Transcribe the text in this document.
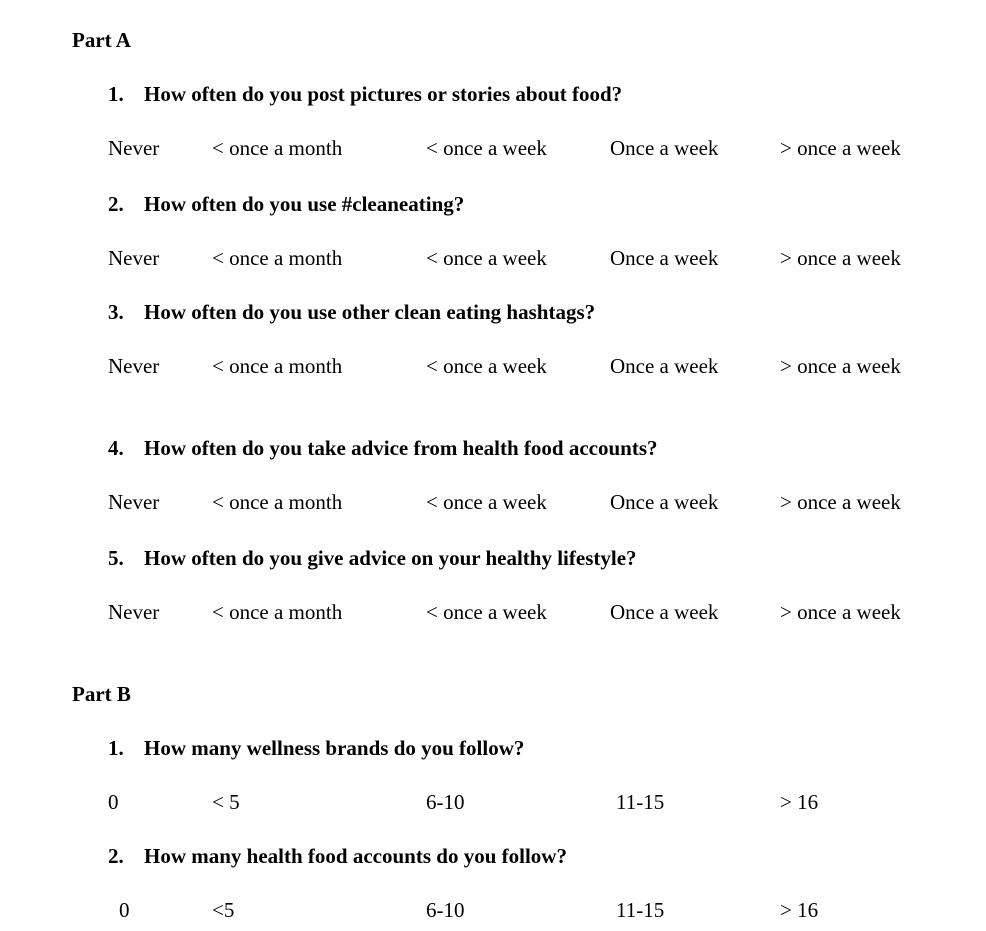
Part A
1. How often do you post pictures or stories about food?
Never	< once a month	< once a week	Once a week	> once a week
2. How often do you use #cleaneating?
Never	< once a month	< once a week	Once a week	> once a week
3. How often do you use other clean eating hashtags?
Never	< once a month	< once a week	Once a week	> once a week
4. How often do you take advice from health food accounts?
Never	< once a month	< once a week	Once a week	> once a week
5. How often do you give advice on your healthy lifestyle?
Never	< once a month	< once a week	Once a week	> once a week
Part B
1. How many wellness brands do you follow?
0	< 5	6-10	11-15	> 16
2. How many health food accounts do you follow?
0	<5	6-10	11-15	> 16
